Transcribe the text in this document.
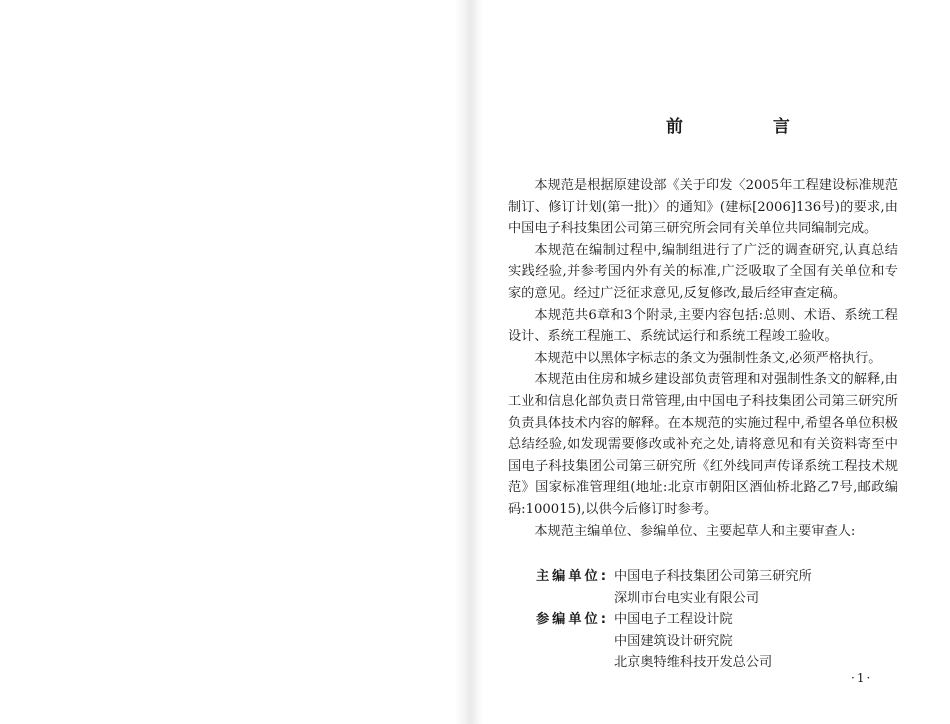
前 言

本规范是根据原建设部《关于印发〈2005年工程建设标准规范制订、修订计划(第一批)〉的通知》(建标[2006]136号)的要求,由中国电子科技集团公司第三研究所会同有关单位共同编制完成。

本规范在编制过程中,编制组进行了广泛的调查研究,认真总结实践经验,并参考国内外有关的标准,广泛吸取了全国有关单位和专家的意见。经过广泛征求意见,反复修改,最后经审查定稿。

本规范共6章和3个附录,主要内容包括:总则、术语、系统工程设计、系统工程施工、系统试运行和系统工程竣工验收。

本规范中以黑体字标志的条文为强制性条文,必须严格执行。

本规范由住房和城乡建设部负责管理和对强制性条文的解释,由工业和信息化部负责日常管理,由中国电子科技集团公司第三研究所负责具体技术内容的解释。在本规范的实施过程中,希望各单位积极总结经验,如发现需要修改或补充之处,请将意见和有关资料寄至中国电子科技集团公司第三研究所《红外线同声传译系统工程技术规范》国家标准管理组(地址:北京市朝阳区酒仙桥北路乙7号,邮政编码:100015),以供今后修订时参考。

本规范主编单位、参编单位、主要起草人和主要审查人:

主编单位: 中国电子科技集团公司第三研究所
深圳市台电实业有限公司
参编单位: 中国电子工程设计院
中国建筑设计研究院
北京奥特维科技开发总公司
·1·
